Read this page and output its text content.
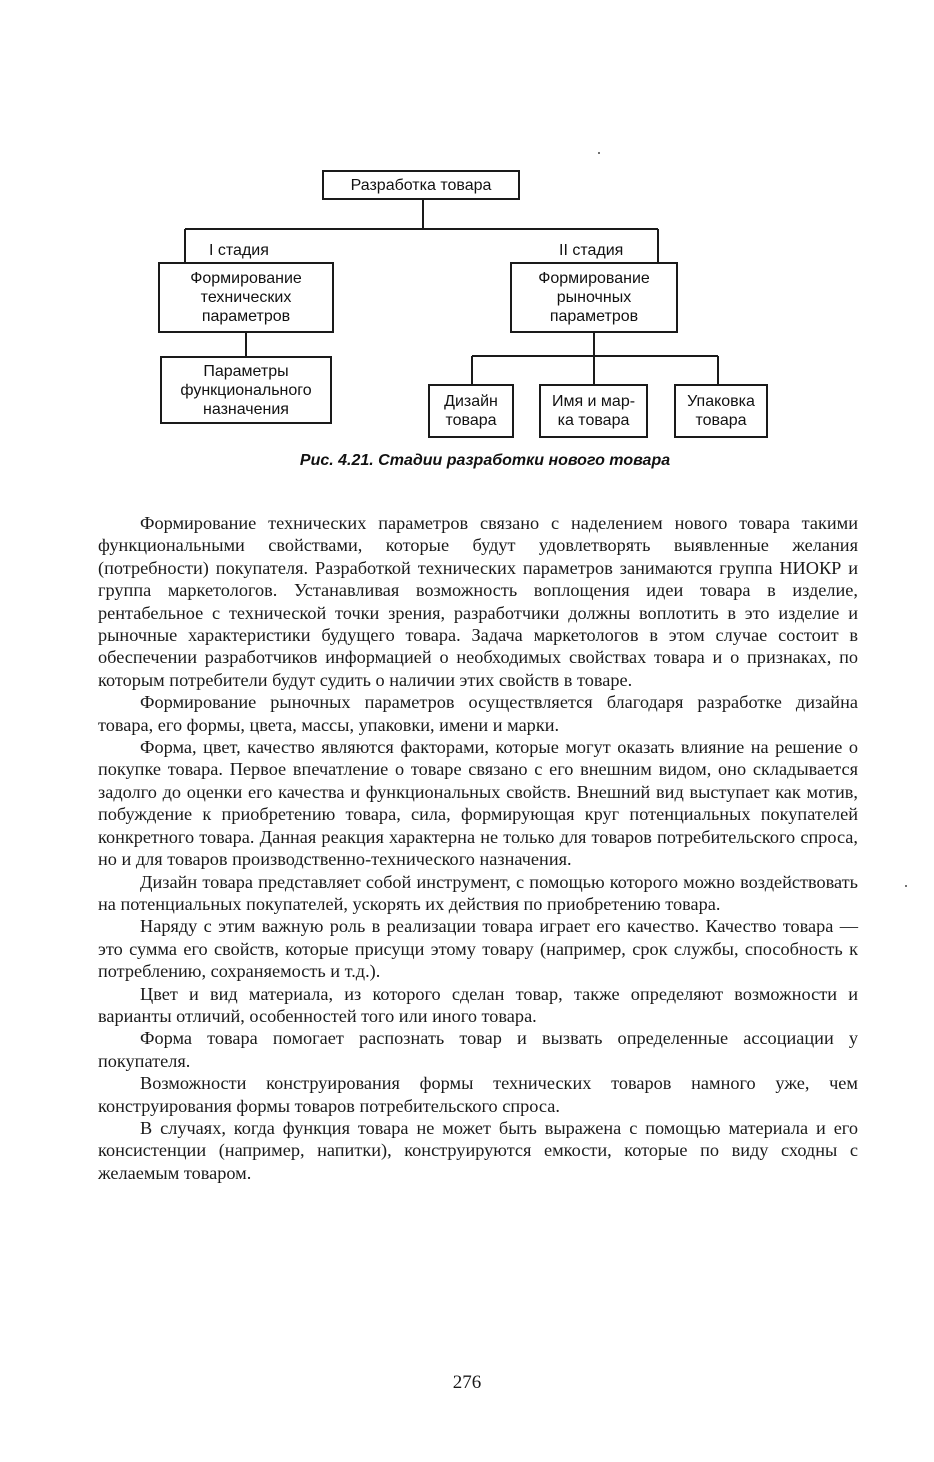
Разработка товара
I стадия	II стадия
Формирование
технических
параметров
Формирование
рыночных
параметров
Параметры
функционального
назначения	Дизайн
товара
Имя и мар-
ка товара
Упаковка
товара
Рис. 4.21. Стадии разработки нового товара

Формирование технических параметров связано с наделением нового товара такими функциональными свойствами, которые будут удовлетворять выявленные желания (потребности) покупателя. Разработкой технических параметров занимаются группа НИОКР и группа маркетологов. Устанавливая возможность воплощения идеи товара в изделие, рентабельное с технической точки зрения, разработчики должны воплотить в это изделие и рыночные характеристики будущего товара. Задача маркетологов в этом случае состоит в обеспечении разработчиков информацией о необходимых свойствах товара и о признаках, по которым потребители будут судить о наличии этих свойств в товаре.

Формирование рыночных параметров осуществляется благодаря разработке дизайна товара, его формы, цвета, массы, упаковки, имени и марки.

Форма, цвет, качество являются факторами, которые могут оказать влияние на решение о покупке товара. Первое впечатление о товаре связано с его внешним видом, оно складывается задолго до оценки его качества и функциональных свойств. Внешний вид выступает как мотив, побуждение к приобретению товара, сила, формирующая круг потенциальных покупателей конкретного товара. Данная реакция характерна не только для товаров потребительского спроса, но и для товаров производственно-технического назначения.

Дизайн товара представляет собой инструмент, с помощью которого можно воздействовать на потенциальных покупателей, ускорять их действия по приобретению товара.

Наряду с этим важную роль в реализации товара играет его качество. Качество товара — это сумма его свойств, которые присущи этому товару (например, срок службы, способность к потреблению, сохраняемость и т.д.).

Цвет и вид материала, из которого сделан товар, также определяют возможности и варианты отличий, особенностей того или иного товара.

Форма товара помогает распознать товар и вызвать определенные ассоциации у покупателя.

Возможности конструирования формы технических товаров намного уже, чем конструирования формы товаров потребительского спроса.

В случаях, когда функция товара не может быть выражена с помощью материала и его консистенции (например, напитки), конструируются емкости, которые по виду сходны с желаемым товаром.

276
